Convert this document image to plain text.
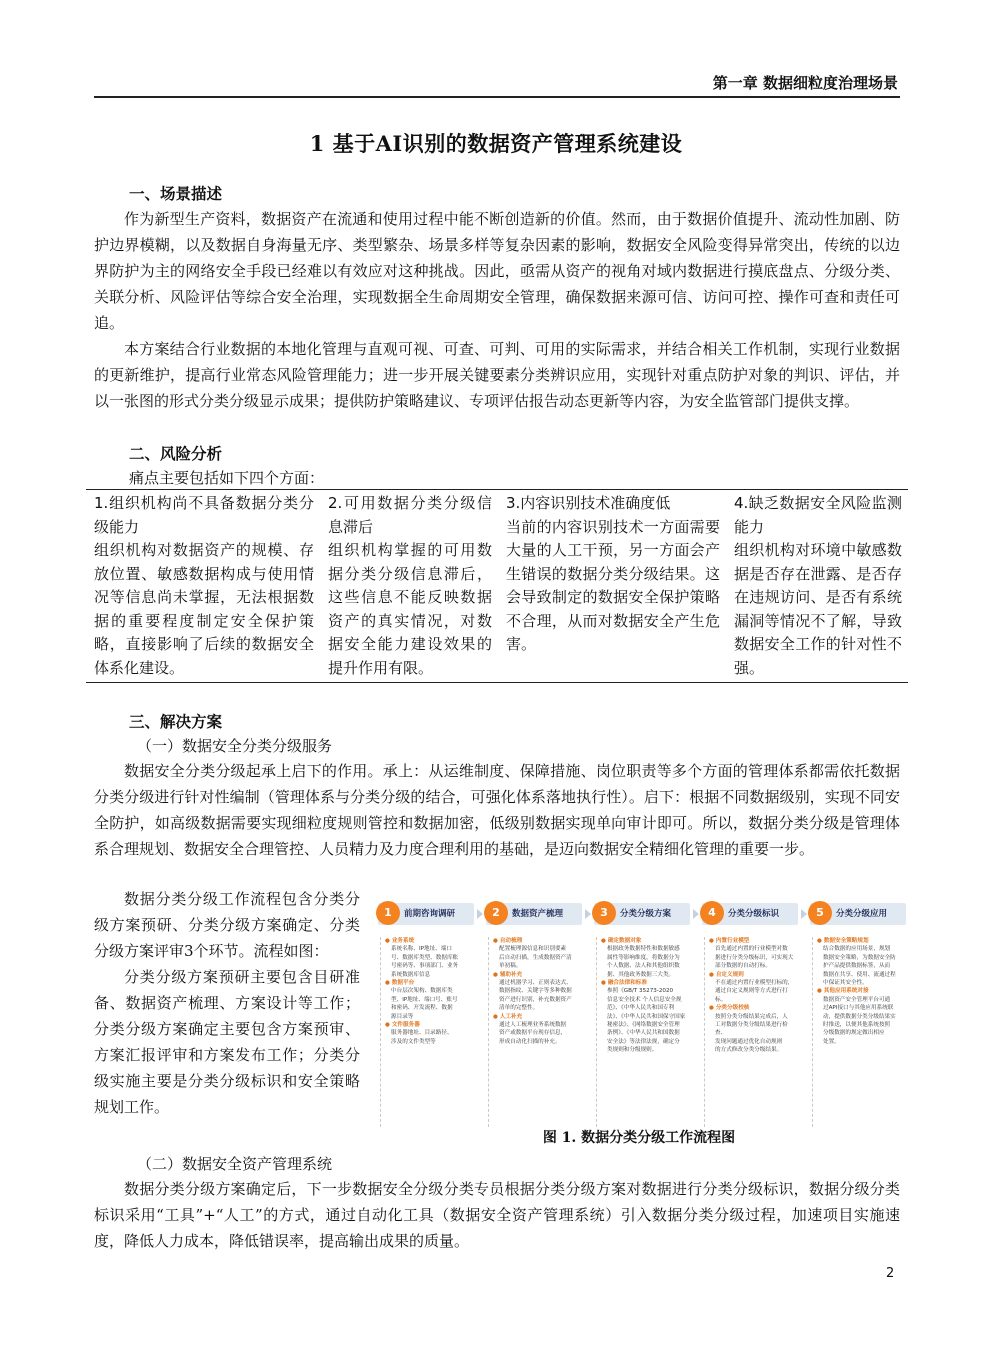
第一章 数据细粒度治理场景
1 基于AI识别的数据资产管理系统建设
一、场景描述

作为新型生产资料，数据资产在流通和使用过程中能不断创造新的价值。然而，由于数据价值提升、流动性加剧、防护边界模糊，以及数据自身海量无序、类型繁杂、场景多样等复杂因素的影响，数据安全风险变得异常突出，传统的以边界防护为主的网络安全手段已经难以有效应对这种挑战。因此，亟需从资产的视角对域内数据进行摸底盘点、分级分类、关联分析、风险评估等综合安全治理，实现数据全生命周期安全管理，确保数据来源可信、访问可控、操作可查和责任可追。

本方案结合行业数据的本地化管理与直观可视、可查、可判、可用的实际需求，并结合相关工作机制，实现行业数据的更新维护，提高行业常态风险管理能力；进一步开展关键要素分类辨识应用，实现针对重点防护对象的判识、评估，并以一张图的形式分类分级显示成果；提供防护策略建议、专项评估报告动态更新等内容，为安全监管部门提供支撑。

二、风险分析
痛点主要包括如下四个方面：
1.组织机构尚不具备数据分类分级能力
组织机构对数据资产的规模、存放位置、敏感数据构成与使用情况等信息尚未掌握，无法根据数据的重要程度制定安全保护策略，直接影响了后续的数据安全体系化建设。

2.可用数据分类分级信息滞后
组织机构掌握的可用数据分类分级信息滞后，这些信息不能反映数据资产的真实情况，对数据安全能力建设效果的提升作用有限。

3.内容识别技术准确度低
当前的内容识别技术一方面需要大量的人工干预，另一方面会产生错误的数据分类分级结果。这会导致制定的数据安全保护策略不合理，从而对数据安全产生危害。

4.缺乏数据安全风险监测能力
组织机构对环境中敏感数据是否存在泄露、是否存在违规访问、是否有系统漏洞等情况不了解，导致数据安全工作的针对性不强。
三、解决方案
（一）数据安全分类分级服务

数据安全分类分级起承上启下的作用。承上：从运维制度、保障措施、岗位职责等多个方面的管理体系都需依托数据分类分级进行针对性编制（管理体系与分类分级的结合，可强化体系落地执行性）。启下：根据不同数据级别，实现不同安全防护，如高级数据需要实现细粒度规则管控和数据加密，低级别数据实现单向审计即可。所以，数据分类分级是管理体系合理规划、数据安全合理管控、人员精力及力度合理利用的基础，是迈向数据安全精细化管理的重要一步。

数据分类分级工作流程包含分类分级方案预研、分类分级方案确定、分类分级方案评审3个环节。流程如图：

分类分级方案预研主要包含目研准备、数据资产梳理、方案设计等工作；分类分级方案确定主要包含方案预审、方案汇报评审和方案发布工作；分类分级实施主要是分类分级标识和安全策略规划工作。

1	前期咨询调研	2	数据资产梳理	3	分类分级方案	4	分类分级标识	5	分类分级应用
● 业务系统
系统名称、IP地址、端口
号、数据库类型、数据库账
号密码等、事项部门、业务
系统数据库信息
● 数据平台
中台层次架构、数据库类
型、IP地址、端口号、账号
和密码、开发流程、数据
源目录等
● 文件服务器
服务器地址、目录路径、
涉及的文件类型等
● 自动梳理
配置梳理源信息和识别要素
后自动扫描，生成数据资产清
单初稿。
● 辅助补充
通过机器学习、正则表达式、
数据指纹、关键字等多种数据
资产进行识别，补充数据资产
清单的完整性。
● 人工补充
通过人工梳理业务系统数据
资产或数据平台现存信息，
形成自动化扫描的补充。
● 确定数据对象
根据政务数据特性和数据敏感
属性等影响维度，将数据分为
个人数据、法人和其他组织数
据、其他政务数据三大类。
● 融合法律和标准
参照《GB/T 35273-2020
信息安全技术 个人信息安全规
范》、《中华人民共和国专利
法》、《中华人民共和国保守国家
秘密法》、《网络数据安全管理
条例》、《中华人民共和国数据
安全法》等法律法规，确定分
类规则和分级规则。
● 内置行业模型
首先通过内置的行业模型对数
据进行分类分级标识，可实现大
部分数据的自动打标。
● 自定义规则
不在通过内置行业模型打标的，
通过自定义规则等方式进行打
标。
● 分类分级校核
按照分类分级结果完成后，人
工对数据分类分级结果进行检查、
发现问题通过优化自动规则
的方式修改分类分级结果。
● 数据安全策略规划
结合数据的应用场景，规划
数据安全策略，为数据安全防
护产品提供数据标签，从而
数据在共享、使用、流通过程
中保证其安全性。
● 其他应用系统对接
数据资产安全管理平台可通
过API接口与其他应用系统联
动，提供数据分类分级结果实
时推送，以便其他系统按照
分级数据的规定做出相应
处置。
图 1. 数据分类分级工作流程图
（二）数据安全资产管理系统

数据分类分级方案确定后，下一步数据安全分级分类专员根据分类分级方案对数据进行分类分级标识，数据分级分类标识采用“工具”+“人工”的方式，通过自动化工具（数据安全资产管理系统）引入数据分类分级过程，加速项目实施速度，降低人力成本，降低错误率，提高输出成果的质量。

2
